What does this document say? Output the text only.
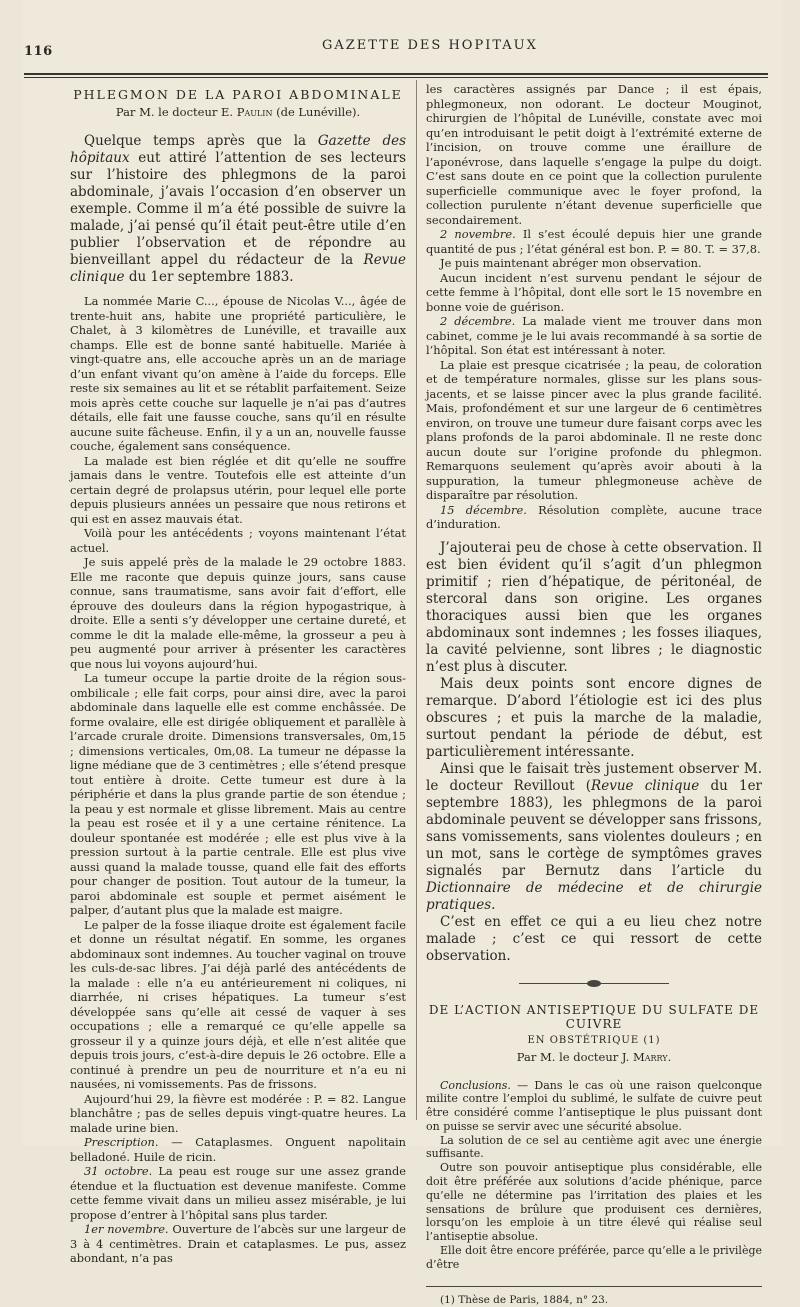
116	GAZETTE DES HOPITAUX

PHLEGMON DE LA PAROI ABDOMINALE

Par M. le docteur E. Paulin (de Lunéville).

Quelque temps après que la Gazette des hôpitaux eut attiré l’attention de ses lecteurs sur l’histoire des phlegmons de la paroi abdominale, j’avais l’occasion d’en observer un exemple. Comme il m’a été possible de suivre la malade, j’ai pensé qu’il était peut-être utile d’en publier l’observation et de répondre au bienveillant appel du rédacteur de la Revue clinique du 1er septembre 1883.

La nommée Marie C..., épouse de Nicolas V..., âgée de trente-huit ans, habite une propriété particulière, le Chalet, à 3 kilomètres de Lunéville, et travaille aux champs. Elle est de bonne santé habituelle. Mariée à vingt-quatre ans, elle accouche après un an de mariage d’un enfant vivant qu’on amène à l’aide du forceps. Elle reste six semaines au lit et se rétablit parfaitement. Seize mois après cette couche sur laquelle je n’ai pas d’autres détails, elle fait une fausse couche, sans qu’il en résulte aucune suite fâcheuse. Enfin, il y a un an, nouvelle fausse couche, également sans conséquence.

La malade est bien réglée et dit qu’elle ne souffre jamais dans le ventre. Toutefois elle est atteinte d’un certain degré de prolapsus utérin, pour lequel elle porte depuis plusieurs années un pessaire que nous retirons et qui est en assez mauvais état.

Voilà pour les antécédents ; voyons maintenant l’état actuel.

Je suis appelé près de la malade le 29 octobre 1883. Elle me raconte que depuis quinze jours, sans cause connue, sans traumatisme, sans avoir fait d’effort, elle éprouve des douleurs dans la région hypogastrique, à droite. Elle a senti s’y développer une certaine dureté, et comme le dit la malade elle-même, la grosseur a peu à peu augmenté pour arriver à présenter les caractères que nous lui voyons aujourd’hui.

La tumeur occupe la partie droite de la région sous-ombilicale ; elle fait corps, pour ainsi dire, avec la paroi abdominale dans laquelle elle est comme enchâssée. De forme ovalaire, elle est dirigée obliquement et parallèle à l’arcade crurale droite. Dimensions transversales, 0m,15 ; dimensions verticales, 0m,08. La tumeur ne dépasse la ligne médiane que de 3 centimètres ; elle s’étend presque tout entière à droite. Cette tumeur est dure à la périphérie et dans la plus grande partie de son étendue ; la peau y est normale et glisse librement. Mais au centre la peau est rosée et il y a une certaine rénitence. La douleur spontanée est modérée ; elle est plus vive à la pression surtout à la partie centrale. Elle est plus vive aussi quand la malade tousse, quand elle fait des efforts pour changer de position. Tout autour de la tumeur, la paroi abdominale est souple et permet aisément le palper, d’autant plus que la malade est maigre.

Le palper de la fosse iliaque droite est également facile et donne un résultat négatif. En somme, les organes abdominaux sont indemnes. Au toucher vaginal on trouve les culs-de-sac libres. J’ai déjà parlé des antécédents de la malade : elle n’a eu antérieurement ni coliques, ni diarrhée, ni crises hépatiques. La tumeur s’est développée sans qu’elle ait cessé de vaquer à ses occupations ; elle a remarqué ce qu’elle appelle sa grosseur il y a quinze jours déjà, et elle n’est alitée que depuis trois jours, c’est-à-dire depuis le 26 octobre. Elle a continué à prendre un peu de nourriture et n’a eu ni nausées, ni vomissements. Pas de frissons.

Aujourd’hui 29, la fièvre est modérée : P. = 82. Langue blanchâtre ; pas de selles depuis vingt-quatre heures. La malade urine bien.

Prescription. — Cataplasmes. Onguent napolitain belladoné. Huile de ricin.

31 octobre. La peau est rouge sur une assez grande étendue et la fluctuation est devenue manifeste. Comme cette femme vivait dans un milieu assez misérable, je lui propose d’entrer à l’hôpital sans plus tarder.

1er novembre. Ouverture de l’abcès sur une largeur de 3 à 4 centimètres. Drain et cataplasmes. Le pus, assez abondant, n’a pas

les caractères assignés par Dance ; il est épais, phlegmoneux, non odorant. Le docteur Mouginot, chirurgien de l’hôpital de Lunéville, constate avec moi qu’en introduisant le petit doigt à l’extrémité externe de l’incision, on trouve comme une éraillure de l’aponévrose, dans laquelle s’engage la pulpe du doigt. C’est sans doute en ce point que la collection purulente superficielle communique avec le foyer profond, la collection purulente n’étant devenue superficielle que secondairement.

2 novembre. Il s’est écoulé depuis hier une grande quantité de pus ; l’état général est bon. P. = 80. T. = 37,8.

Je puis maintenant abréger mon observation.

Aucun incident n’est survenu pendant le séjour de cette femme à l’hôpital, dont elle sort le 15 novembre en bonne voie de guérison.

2 décembre. La malade vient me trouver dans mon cabinet, comme je le lui avais recommandé à sa sortie de l’hôpital. Son état est intéressant à noter.

La plaie est presque cicatrisée ; la peau, de coloration et de température normales, glisse sur les plans sous-jacents, et se laisse pincer avec la plus grande facilité. Mais, profondément et sur une largeur de 6 centimètres environ, on trouve une tumeur dure faisant corps avec les plans profonds de la paroi abdominale. Il ne reste donc aucun doute sur l’origine profonde du phlegmon. Remarquons seulement qu’après avoir abouti à la suppuration, la tumeur phlegmoneuse achève de disparaître par résolution.

15 décembre. Résolution complète, aucune trace d’induration.

J’ajouterai peu de chose à cette observation. Il est bien évident qu’il s’agit d’un phlegmon primitif ; rien d’hépatique, de péritonéal, de stercoral dans son origine. Les organes thoraciques aussi bien que les organes abdominaux sont indemnes ; les fosses iliaques, la cavité pelvienne, sont libres ; le diagnostic n’est plus à discuter.

Mais deux points sont encore dignes de remarque. D’abord l’étiologie est ici des plus obscures ; et puis la marche de la maladie, surtout pendant la période de début, est particulièrement intéressante.

Ainsi que le faisait très justement observer M. le docteur Revillout (Revue clinique du 1er septembre 1883), les phlegmons de la paroi abdominale peuvent se développer sans frissons, sans vomissements, sans violentes douleurs ; en un mot, sans le cortège de symptômes graves signalés par Bernutz dans l’article du Dictionnaire de médecine et de chirurgie pratiques.

C’est en effet ce qui a eu lieu chez notre malade ; c’est ce qui ressort de cette observation.

DE L’ACTION ANTISEPTIQUE DU SULFATE DE CUIVRE

EN OBSTÉTRIQUE (1)

Par M. le docteur J. Marry.

Conclusions. — Dans le cas où une raison quelconque milite contre l’emploi du sublimé, le sulfate de cuivre peut être considéré comme l’antiseptique le plus puissant dont on puisse se servir avec une sécurité absolue.

La solution de ce sel au centième agit avec une énergie suffisante.

Outre son pouvoir antiseptique plus considérable, elle doit être préférée aux solutions d’acide phénique, parce qu’elle ne détermine pas l’irritation des plaies et les sensations de brûlure que produisent ces dernières, lorsqu’on les emploie à un titre élevé qui réalise seul l’antiseptie absolue.

Elle doit être encore préférée, parce qu’elle a le privilège d’être

(1) Thèse de Paris, 1884, n° 23.
